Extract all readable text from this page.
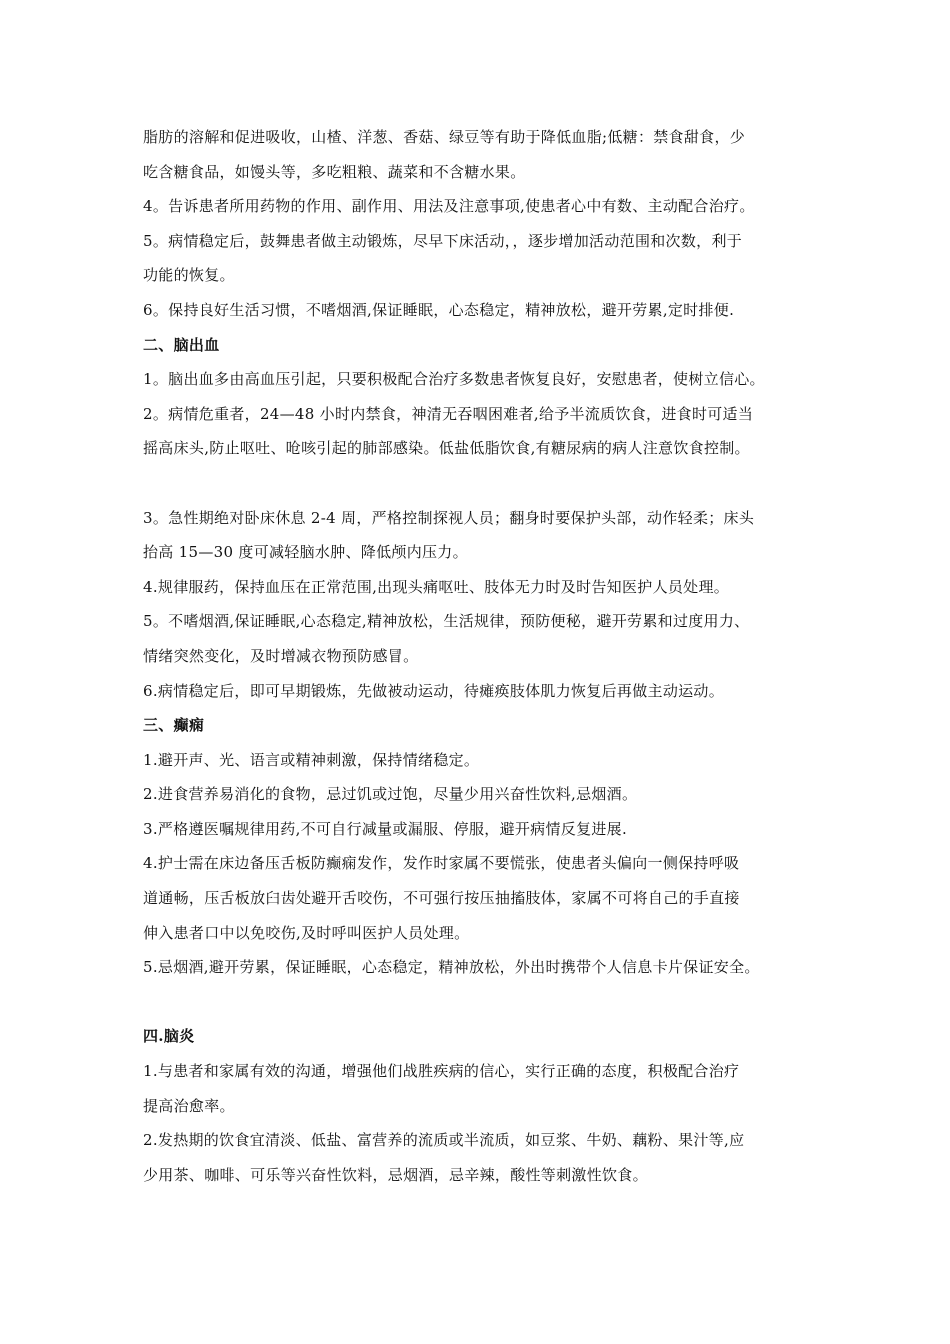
脂肪的溶解和促进吸收，山楂、洋葱、香菇、绿豆等有助于降低血脂;低糖：禁食甜食，少
吃含糖食品，如馒头等，多吃粗粮、蔬菜和不含糖水果。
4。告诉患者所用药物的作用、副作用、用法及注意事项,使患者心中有数、主动配合治疗。
5。病情稳定后，鼓舞患者做主动锻炼，尽早下床活动，，逐步增加活动范围和次数，利于
功能的恢复。
6。保持良好生活习惯，不嗜烟酒,保证睡眠，心态稳定，精神放松，避开劳累,定时排便.
二、脑出血
1。脑出血多由高血压引起，只要积极配合治疗多数患者恢复良好，安慰患者，使树立信心。
2。病情危重者，24—48 小时内禁食，神清无吞咽困难者,给予半流质饮食，进食时可适当
摇高床头,防止呕吐、呛咳引起的肺部感染。低盐低脂饮食,有糖尿病的病人注意饮食控制。
3。急性期绝对卧床休息 2-4 周，严格控制探视人员；翻身时要保护头部，动作轻柔；床头
抬高 15—30 度可减轻脑水肿、降低颅内压力。
4.规律服药，保持血压在正常范围,出现头痛呕吐、肢体无力时及时告知医护人员处理。
5。不嗜烟酒,保证睡眠,心态稳定,精神放松，生活规律，预防便秘，避开劳累和过度用力、
情绪突然变化，及时增减衣物预防感冒。
6.病情稳定后，即可早期锻炼，先做被动运动，待瘫痪肢体肌力恢复后再做主动运动。
三、癫痫
1.避开声、光、语言或精神刺激，保持情绪稳定。
2.进食营养易消化的食物，忌过饥或过饱，尽量少用兴奋性饮料,忌烟酒。
3.严格遵医嘱规律用药,不可自行减量或漏服、停服，避开病情反复进展.
4.护士需在床边备压舌板防癫痫发作，发作时家属不要慌张，使患者头偏向一侧保持呼吸
道通畅，压舌板放臼齿处避开舌咬伤，不可强行按压抽搐肢体，家属不可将自己的手直接
伸入患者口中以免咬伤,及时呼叫医护人员处理。
5.忌烟酒,避开劳累，保证睡眠，心态稳定，精神放松，外出时携带个人信息卡片保证安全。
四.脑炎
1.与患者和家属有效的沟通，增强他们战胜疾病的信心，实行正确的态度，积极配合治疗
提高治愈率。
2.发热期的饮食宜清淡、低盐、富营养的流质或半流质，如豆浆、牛奶、藕粉、果汁等,应
少用茶、咖啡、可乐等兴奋性饮料，忌烟酒，忌辛辣，酸性等刺激性饮食。
